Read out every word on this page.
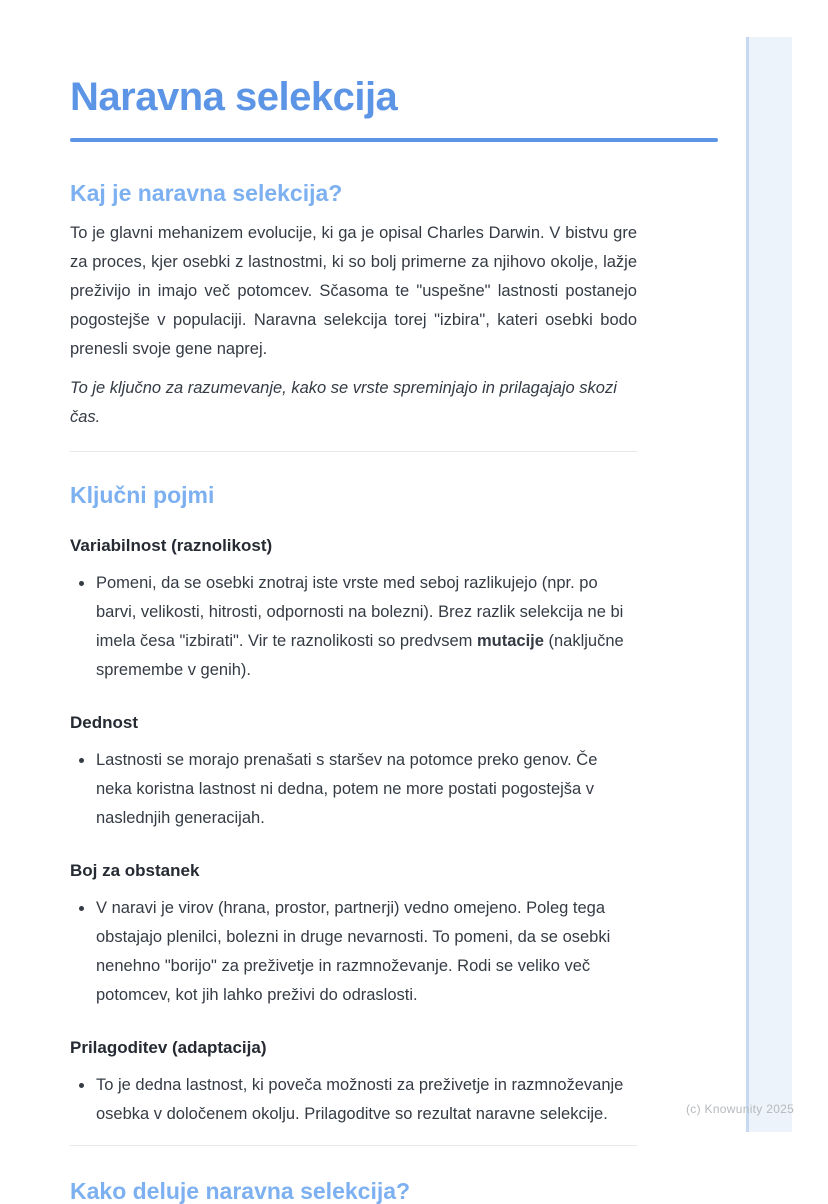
Naravna selekcija
Kaj je naravna selekcija?

To je glavni mehanizem evolucije, ki ga je opisal Charles Darwin. V bistvu gre za proces, kjer osebki z lastnostmi, ki so bolj primerne za njihovo okolje, lažje preživijo in imajo več potomcev. Sčasoma te "uspešne" lastnosti postanejo pogostejše v populaciji. Naravna selekcija torej "izbira", kateri osebki bodo prenesli svoje gene naprej.

To je ključno za razumevanje, kako se vrste spreminjajo in prilagajajo skozi čas.

Ključni pojmi
Variabilnost (raznolikost)
Pomeni, da se osebki znotraj iste vrste med seboj razlikujejo (npr. po barvi, velikosti, hitrosti, odpornosti na bolezni). Brez razlik selekcija ne bi imela česa "izbirati". Vir te raznolikosti so predvsem mutacije (naključne spremembe v genih).
Dednost
Lastnosti se morajo prenašati s staršev na potomce preko genov. Če neka koristna lastnost ni dedna, potem ne more postati pogostejša v naslednjih generacijah.
Boj za obstanek
V naravi je virov (hrana, prostor, partnerji) vedno omejeno. Poleg tega obstajajo plenilci, bolezni in druge nevarnosti. To pomeni, da se osebki nenehno "borijo" za preživetje in razmnoževanje. Rodi se veliko več potomcev, kot jih lahko preživi do odraslosti.
Prilagoditev (adaptacija)
To je dedna lastnost, ki poveča možnosti za preživetje in razmnoževanje osebka v določenem okolju. Prilagoditve so rezultat naravne selekcije.
Kako deluje naravna selekcija?
(c) Knowunity 2025
